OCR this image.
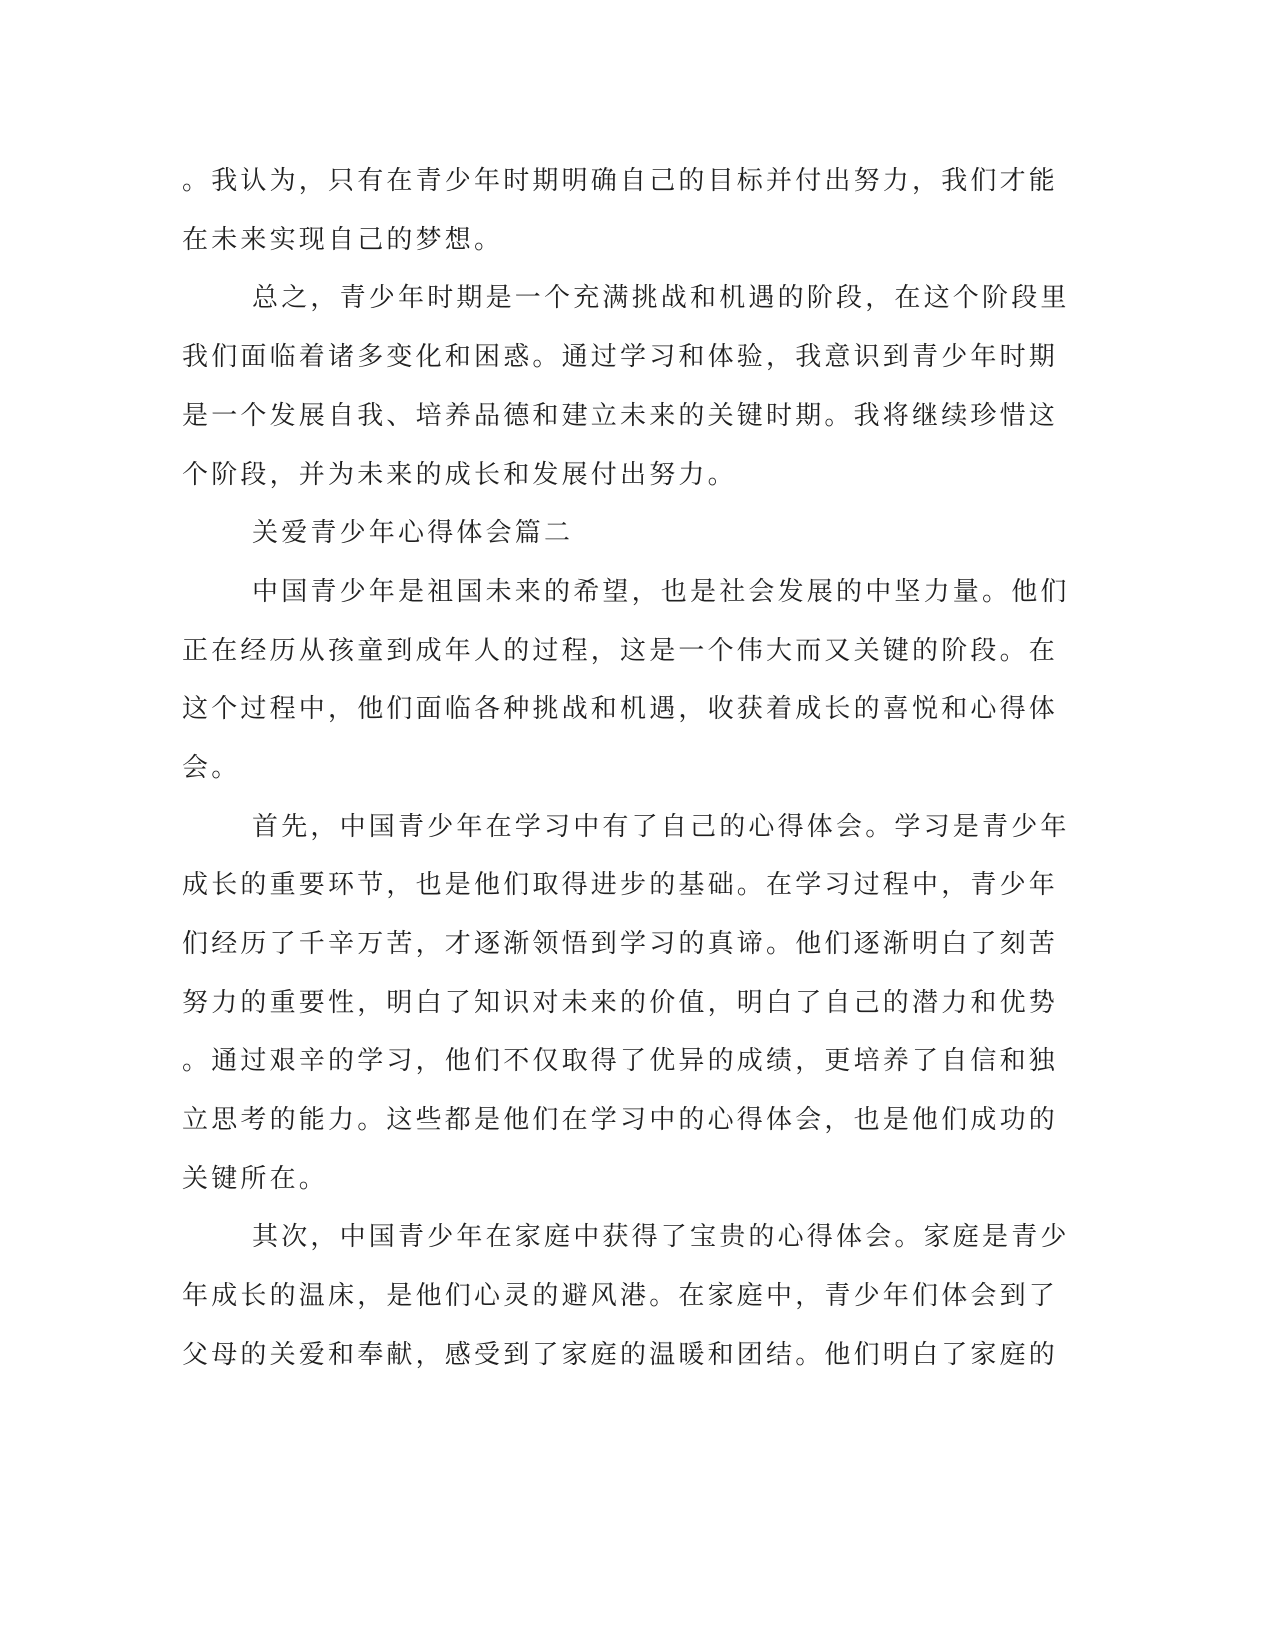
。我认为，只有在青少年时期明确自己的目标并付出努力，我们才能

在未来实现自己的梦想。

总之，青少年时期是一个充满挑战和机遇的阶段，在这个阶段里

我们面临着诸多变化和困惑。通过学习和体验，我意识到青少年时期

是一个发展自我、培养品德和建立未来的关键时期。我将继续珍惜这

个阶段，并为未来的成长和发展付出努力。

关爱青少年心得体会篇二

中国青少年是祖国未来的希望，也是社会发展的中坚力量。他们

正在经历从孩童到成年人的过程，这是一个伟大而又关键的阶段。在

这个过程中，他们面临各种挑战和机遇，收获着成长的喜悦和心得体

会。

首先，中国青少年在学习中有了自己的心得体会。学习是青少年

成长的重要环节，也是他们取得进步的基础。在学习过程中，青少年

们经历了千辛万苦，才逐渐领悟到学习的真谛。他们逐渐明白了刻苦

努力的重要性，明白了知识对未来的价值，明白了自己的潜力和优势

。通过艰辛的学习，他们不仅取得了优异的成绩，更培养了自信和独

立思考的能力。这些都是他们在学习中的心得体会，也是他们成功的

关键所在。

其次，中国青少年在家庭中获得了宝贵的心得体会。家庭是青少

年成长的温床，是他们心灵的避风港。在家庭中，青少年们体会到了

父母的关爱和奉献，感受到了家庭的温暖和团结。他们明白了家庭的
